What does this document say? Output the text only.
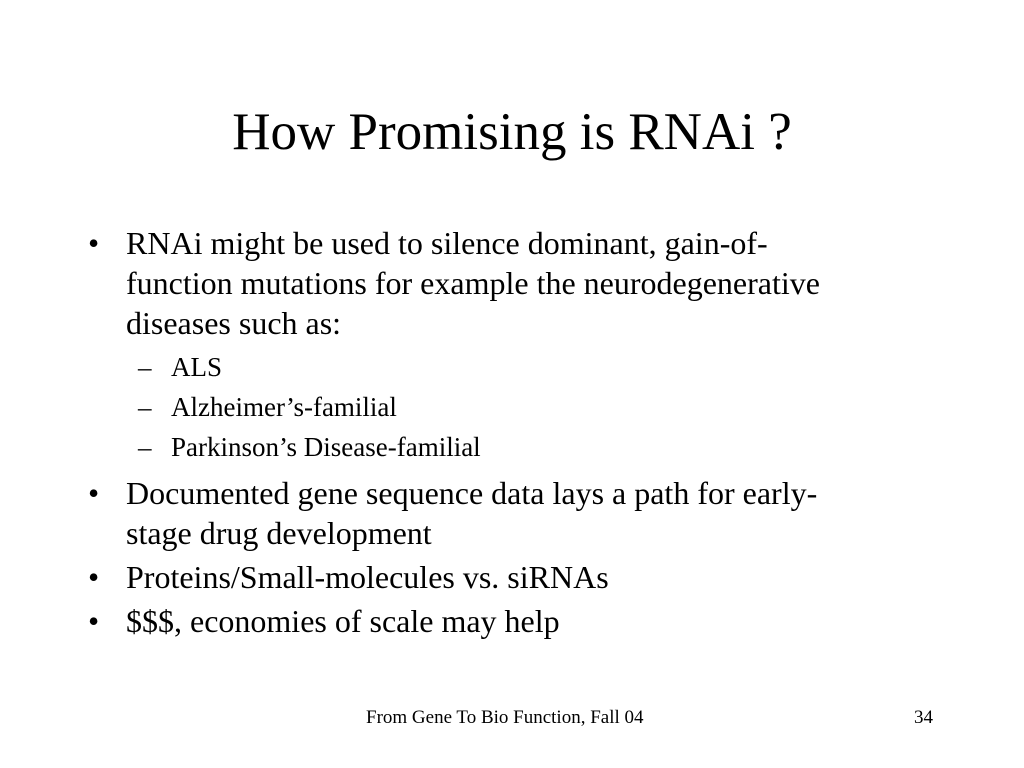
How Promising is RNAi ?
• RNAi might be used to silence dominant, gain-of-
function mutations for example the neurodegenerative
diseases such as:
– ALS
– Alzheimer’s-familial
– Parkinson’s Disease-familial
• Documented gene sequence data lays a path for early-
stage drug development
• Proteins/Small-molecules vs. siRNAs
• $$$, economies of scale may help
From Gene To Bio Function, Fall 04	34
